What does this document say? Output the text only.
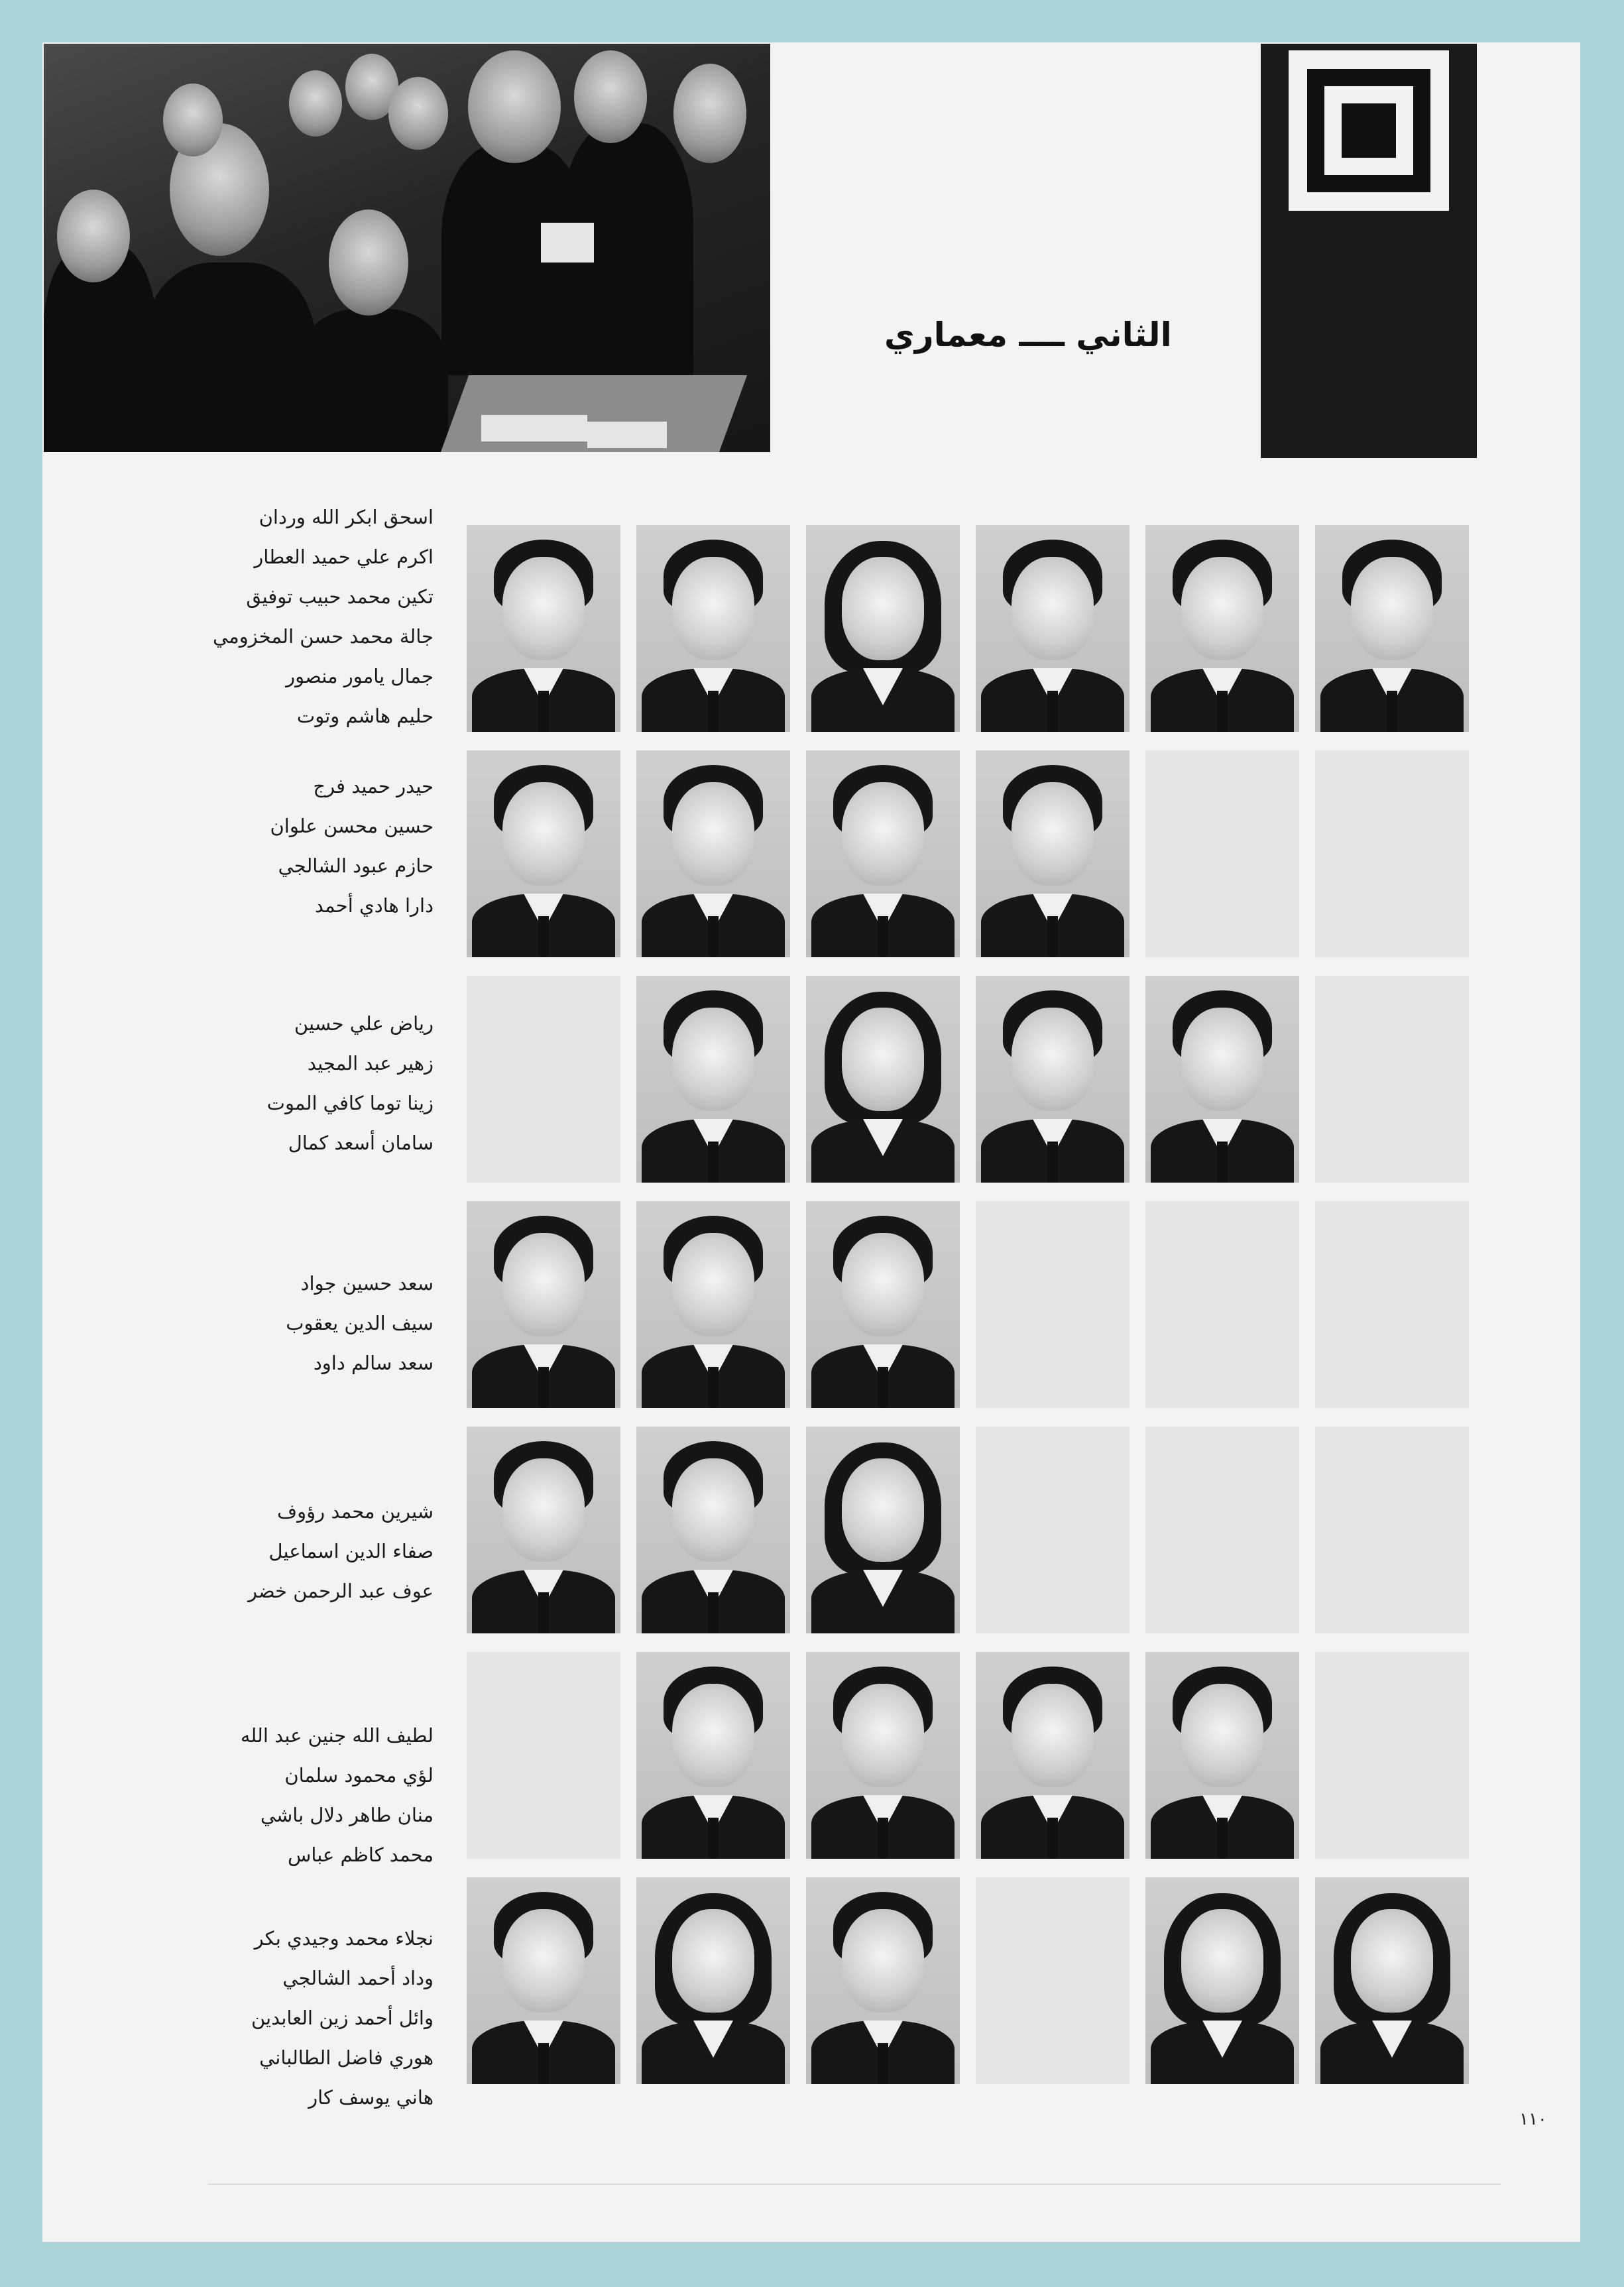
الثاني ــــ معماري
اسحق ابكر الله وردان
اكرم علي حميد العطار
تكين محمد حبيب توفيق
جالة محمد حسن المخزومي
جمال يامور منصور
حليم هاشم وتوت
حيدر حميد فرج
حسين محسن علوان
حازم عبود الشالجي
دارا هادي أحمد
رياض علي حسين
زهير عبد المجيد
زينا توما كافي الموت
سامان أسعد كمال
سعد حسين جواد
سيف الدين يعقوب
سعد سالم داود
شيرين محمد رؤوف
صفاء الدين اسماعيل
عوف عبد الرحمن خضر
لطيف الله جنين عبد الله
لؤي محمود سلمان
منان طاهر دلال باشي
محمد كاظم عباس
نجلاء محمد وجيدي بكر
وداد أحمد الشالجي
وائل أحمد زين العابدين
هوري فاضل الطالباني
هاني يوسف كار
١١٠
